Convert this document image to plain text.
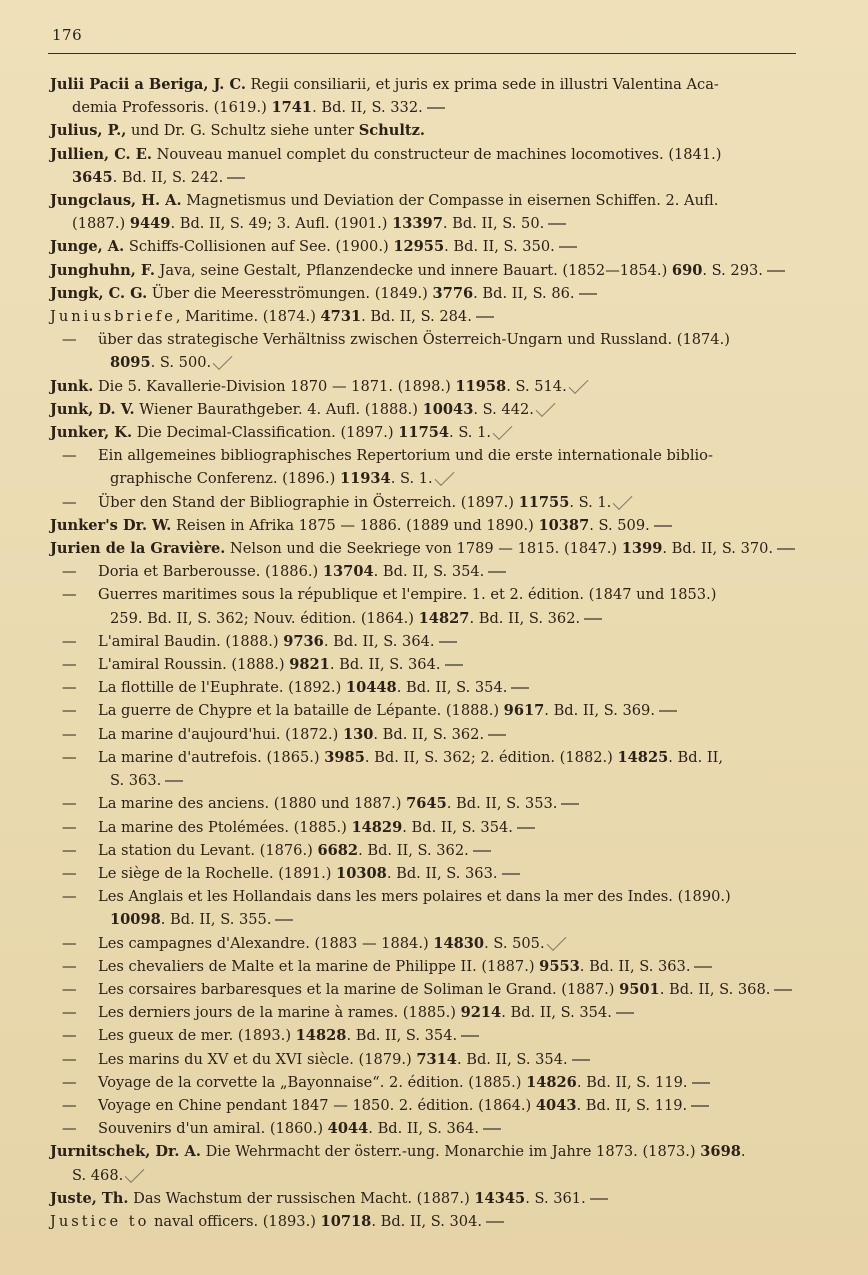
176
Julii Pacii a Beriga, J. C. Regii consiliarii, et juris ex prima sede in illustri Valentina Aca-
demia Professoris. (1619.) 1741. Bd. II, S. 332.
Julius, P., und Dr. G. Schultz siehe unter Schultz.
Jullien, C. E. Nouveau manuel complet du constructeur de machines locomotives. (1841.)
3645. Bd. II, S. 242.
Jungclaus, H. A. Magnetismus und Deviation der Compasse in eisernen Schiffen. 2. Aufl.
(1887.) 9449. Bd. II, S. 49; 3. Aufl. (1901.) 13397. Bd. II, S. 50.
Junge, A. Schiffs-Collisionen auf See. (1900.) 12955. Bd. II, S. 350.
Junghuhn, F. Java, seine Gestalt, Pflanzendecke und innere Bauart. (1852—1854.) 690. S. 293.
Jungk, C. G. Über die Meeresströmungen. (1849.) 3776. Bd. II, S. 86.
Juniusbriefe, Maritime. (1874.) 4731. Bd. II, S. 284.
— über das strategische Verhältniss zwischen Österreich-Ungarn und Russland. (1874.)
8095. S. 500.
Junk. Die 5. Kavallerie-Division 1870 — 1871. (1898.) 11958. S. 514.
Junk, D. V. Wiener Baurathgeber. 4. Aufl. (1888.) 10043. S. 442.
Junker, K. Die Decimal-Classification. (1897.) 11754. S. 1.
— Ein allgemeines bibliographisches Repertorium und die erste internationale biblio-
graphische Conferenz. (1896.) 11934. S. 1.
— Über den Stand der Bibliographie in Österreich. (1897.) 11755. S. 1.
Junker's Dr. W. Reisen in Afrika 1875 — 1886. (1889 und 1890.) 10387. S. 509.
Jurien de la Gravière. Nelson und die Seekriege von 1789 — 1815. (1847.) 1399. Bd. II, S. 370.
— Doria et Barberousse. (1886.) 13704. Bd. II, S. 354.
— Guerres maritimes sous la république et l'empire. 1. et 2. édition. (1847 und 1853.)
259. Bd. II, S. 362; Nouv. édition. (1864.) 14827. Bd. II, S. 362.
— L'amiral Baudin. (1888.) 9736. Bd. II, S. 364.
— L'amiral Roussin. (1888.) 9821. Bd. II, S. 364.
— La flottille de l'Euphrate. (1892.) 10448. Bd. II, S. 354.
— La guerre de Chypre et la bataille de Lépante. (1888.) 9617. Bd. II, S. 369.
— La marine d'aujourd'hui. (1872.) 130. Bd. II, S. 362.
— La marine d'autrefois. (1865.) 3985. Bd. II, S. 362; 2. édition. (1882.) 14825. Bd. II,
S. 363.
— La marine des anciens. (1880 und 1887.) 7645. Bd. II, S. 353.
— La marine des Ptolémées. (1885.) 14829. Bd. II, S. 354.
— La station du Levant. (1876.) 6682. Bd. II, S. 362.
— Le siège de la Rochelle. (1891.) 10308. Bd. II, S. 363.
— Les Anglais et les Hollandais dans les mers polaires et dans la mer des Indes. (1890.)
10098. Bd. II, S. 355.
— Les campagnes d'Alexandre. (1883 — 1884.) 14830. S. 505.
— Les chevaliers de Malte et la marine de Philippe II. (1887.) 9553. Bd. II, S. 363.
— Les corsaires barbaresques et la marine de Soliman le Grand. (1887.) 9501. Bd. II, S. 368.
— Les derniers jours de la marine à rames. (1885.) 9214. Bd. II, S. 354.
— Les gueux de mer. (1893.) 14828. Bd. II, S. 354.
— Les marins du XV et du XVI siècle. (1879.) 7314. Bd. II, S. 354.
— Voyage de la corvette la „Bayonnaise“. 2. édition. (1885.) 14826. Bd. II, S. 119.
— Voyage en Chine pendant 1847 — 1850. 2. édition. (1864.) 4043. Bd. II, S. 119.
— Souvenirs d'un amiral. (1860.) 4044. Bd. II, S. 364.
Jurnitschek, Dr. A. Die Wehrmacht der österr.-ung. Monarchie im Jahre 1873. (1873.) 3698.
S. 468.
Juste, Th. Das Wachstum der russischen Macht. (1887.) 14345. S. 361.
Justice to naval officers. (1893.) 10718. Bd. II, S. 304.
